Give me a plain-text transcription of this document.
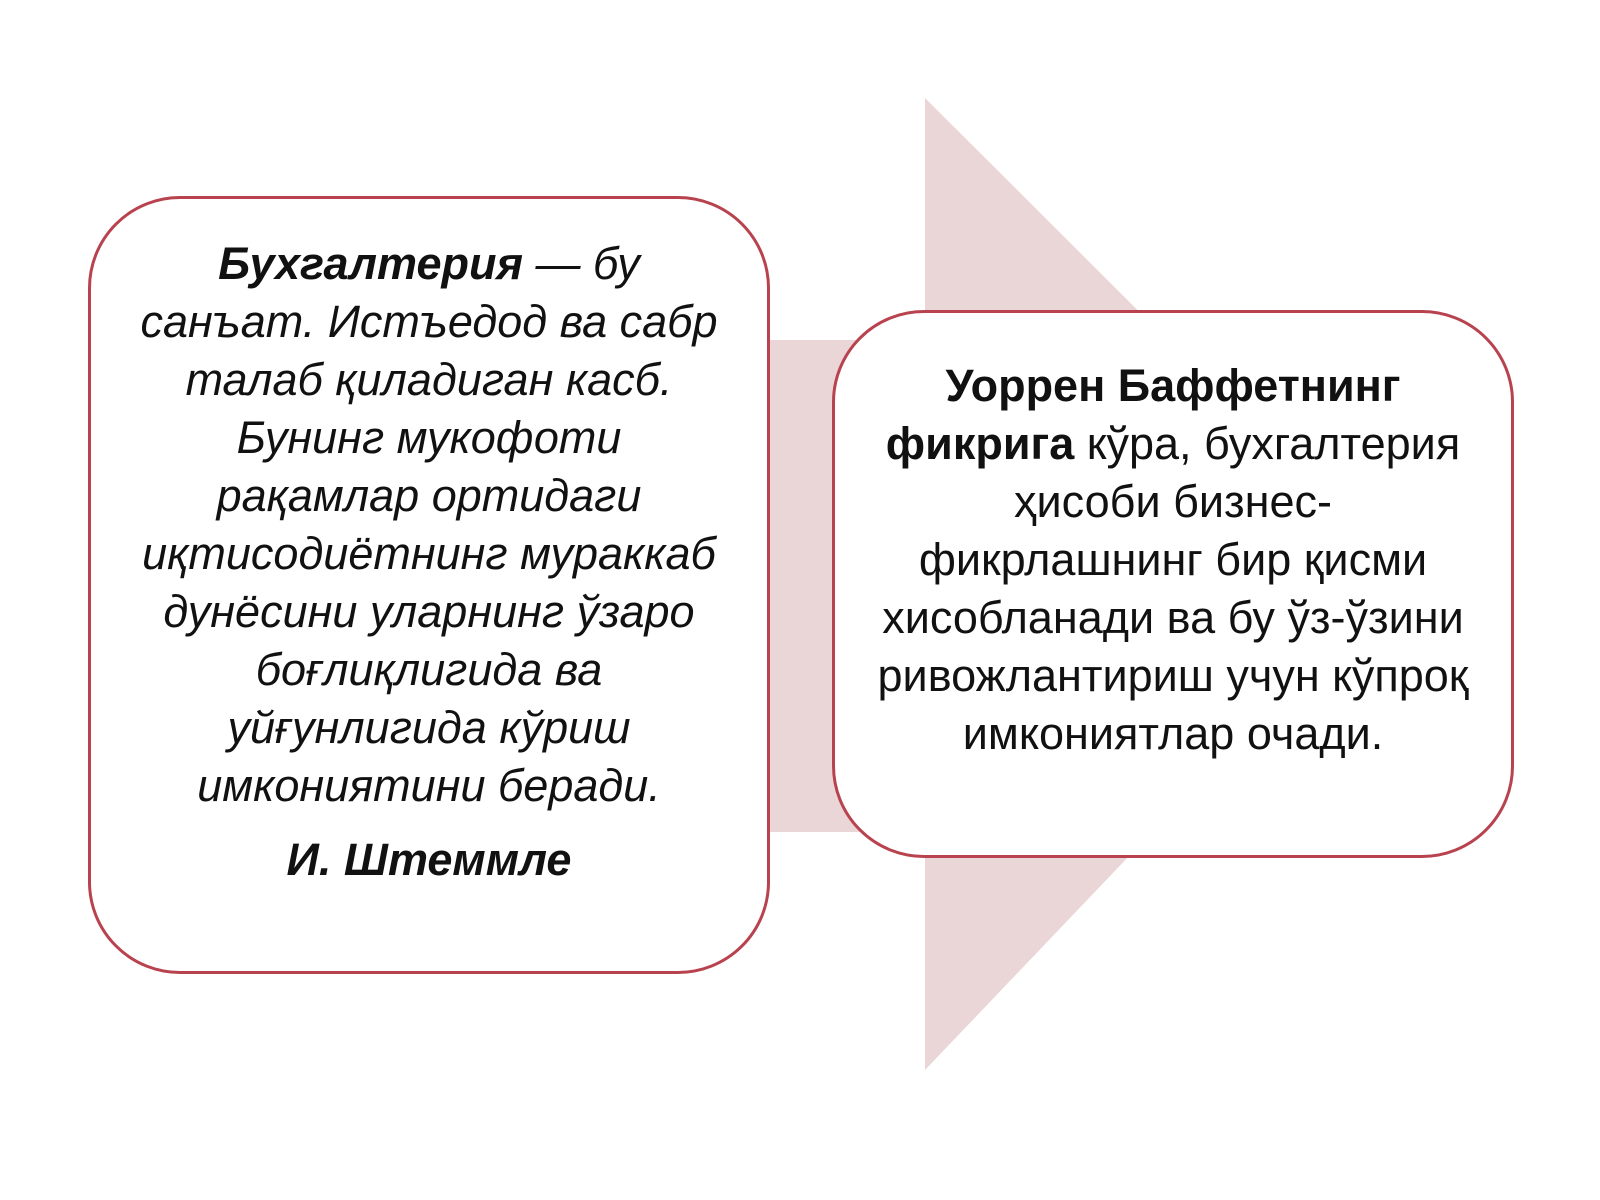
Бухгалтерия — бу санъат. Истъедод ва сабр талаб қиладиган касб. Бунинг мукофоти рақамлар ортидаги иқтисодиётнинг мураккаб дунёсини уларнинг ўзаро боғлиқлигида ва уйғунлигида кўриш имкониятини беради.

И. Штеммле

Уоррен Баффетнинг фикрига кўра, бухгалтерия ҳисоби бизнес-фикрлашнинг бир қисми хисобланади ва бу ўз-ўзини ривожлантириш учун кўпроқ имкониятлар очади.
